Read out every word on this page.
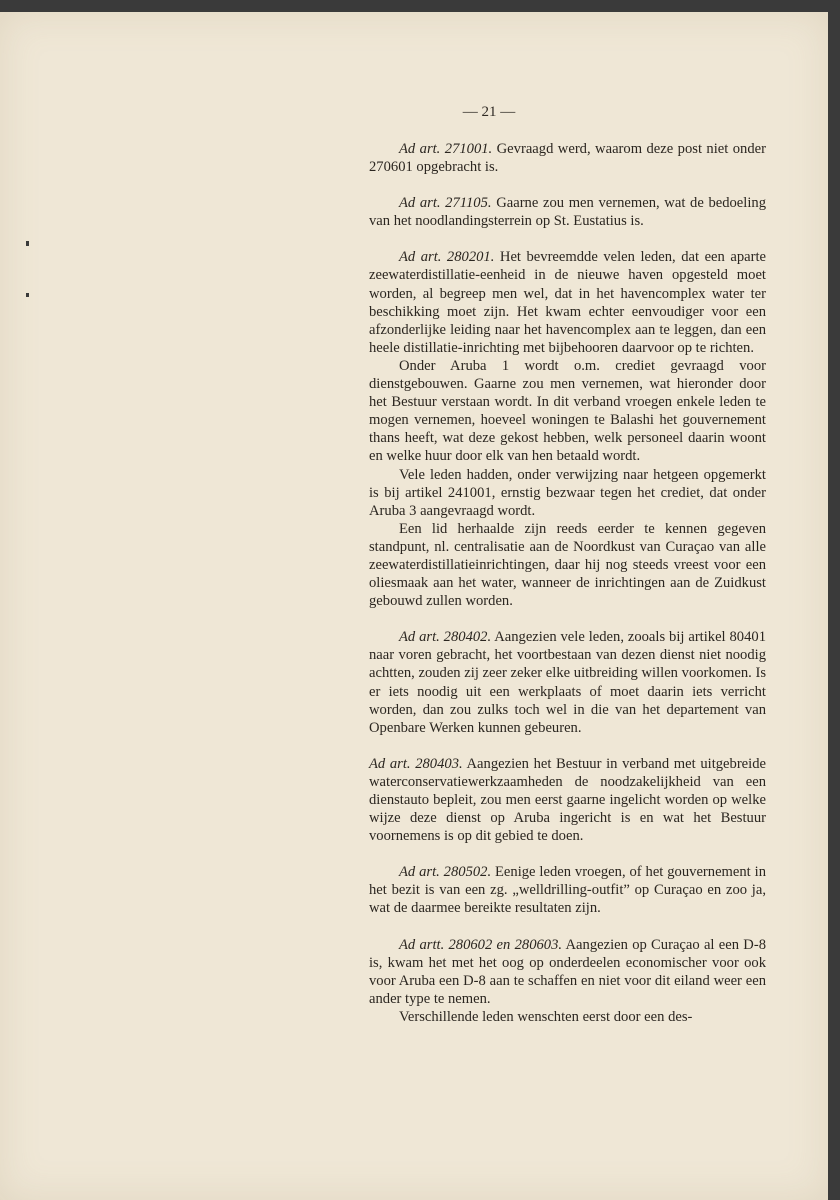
— 21 —

Ad art. 271001. Gevraagd werd, waarom deze post niet onder 270601 opgebracht is.

Ad art. 271105. Gaarne zou men vernemen, wat de bedoeling van het noodlandingsterrein op St. Eustatius is.

Ad art. 280201. Het bevreemdde velen leden, dat een aparte zeewaterdistillatie-eenheid in de nieuwe haven opgesteld moet worden, al begreep men wel, dat in het havencomplex water ter beschikking moet zijn. Het kwam echter eenvoudiger voor een afzonderlijke leiding naar het havencomplex aan te leggen, dan een heele distillatie-inrichting met bijbehooren daarvoor op te richten.

Onder Aruba 1 wordt o.m. crediet gevraagd voor dienstgebouwen. Gaarne zou men vernemen, wat hieronder door het Bestuur verstaan wordt. In dit verband vroegen enkele leden te mogen vernemen, hoeveel woningen te Balashi het gouvernement thans heeft, wat deze gekost hebben, welk personeel daarin woont en welke huur door elk van hen betaald wordt.

Vele leden hadden, onder verwijzing naar hetgeen opgemerkt is bij artikel 241001, ernstig bezwaar tegen het crediet, dat onder Aruba 3 aangevraagd wordt.

Een lid herhaalde zijn reeds eerder te kennen gegeven standpunt, nl. centralisatie aan de Noordkust van Curaçao van alle zeewaterdistillatieinrichtingen, daar hij nog steeds vreest voor een oliesmaak aan het water, wanneer de inrichtingen aan de Zuidkust gebouwd zullen worden.

Ad art. 280402. Aangezien vele leden, zooals bij artikel 80401 naar voren gebracht, het voortbestaan van dezen dienst niet noodig achtten, zouden zij zeer zeker elke uitbreiding willen voorkomen. Is er iets noodig uit een werkplaats of moet daarin iets verricht worden, dan zou zulks toch wel in die van het departement van Openbare Werken kunnen gebeuren.

Ad art. 280403. Aangezien het Bestuur in verband met uitgebreide waterconservatiewerkzaamheden de noodzakelijkheid van een dienstauto bepleit, zou men eerst gaarne ingelicht worden op welke wijze deze dienst op Aruba ingericht is en wat het Bestuur voornemens is op dit gebied te doen.

Ad art. 280502. Eenige leden vroegen, of het gouvernement in het bezit is van een zg. „welldrilling-outfit” op Curaçao en zoo ja, wat de daarmee bereikte resultaten zijn.

Ad artt. 280602 en 280603. Aangezien op Curaçao al een D-8 is, kwam het met het oog op onderdeelen economischer voor ook voor Aruba een D-8 aan te schaffen en niet voor dit eiland weer een ander type te nemen.

Verschillende leden wenschten eerst door een des-
